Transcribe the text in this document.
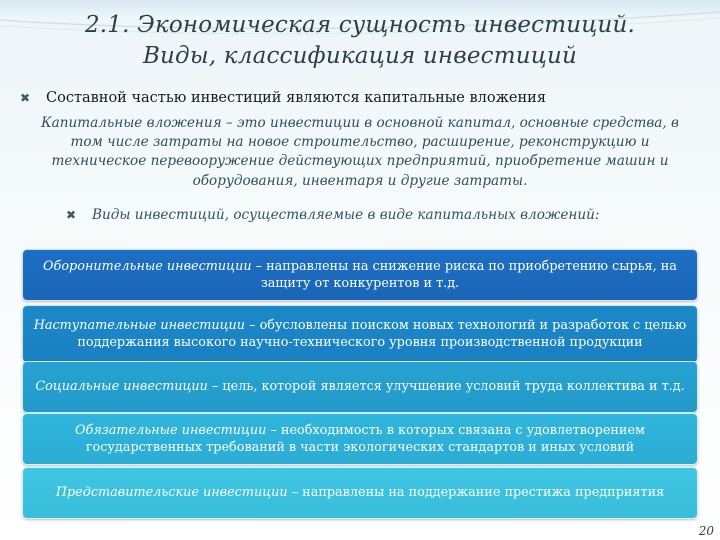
2.1. Экономическая сущность инвестиций.
Виды, классификация инвестиций
✖ Составной частью инвестиций являются капитальные вложения
Капитальные вложения – это инвестиции в основной капитал, основные средства, в том числе затраты на новое строительство, расширение, реконструкцию и техническое перевооружение действующих предприятий, приобретение машин и оборудования, инвентаря и другие затраты.
✖ Виды инвестиций, осуществляемые в виде капитальных вложений:
Оборонительные инвестиции – направлены на снижение риска по приобретению сырья, на защиту от конкурентов и т.д.
Наступательные инвестиции – обусловлены поиском новых технологий и разработок с целью поддержания высокого научно-технического уровня производственной продукции
Социальные инвестиции – цель, которой является улучшение условий труда коллектива и т.д.
Обязательные инвестиции – необходимость в которых связана с удовлетворением государственных требований в части экологических стандартов и иных условий
Представительские инвестиции – направлены на поддержание престижа предприятия
20
